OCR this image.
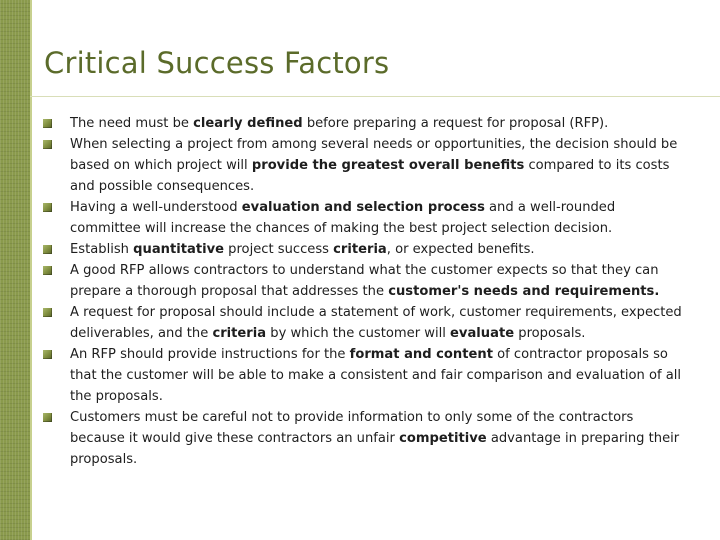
Critical Success Factors
The need must be clearly defined before preparing a request for proposal (RFP).
When selecting a project from among several needs or opportunities, the decision should be based on which project will provide the greatest overall benefits compared to its costs and possible consequences.
Having a well-understood evaluation and selection process and a well-rounded committee will increase the chances of making the best project selection decision.
Establish quantitative project success criteria, or expected benefits.
A good RFP allows contractors to understand what the customer expects so that they can prepare a thorough proposal that addresses the customer's needs and requirements.
A request for proposal should include a statement of work, customer requirements, expected deliverables, and the criteria by which the customer will evaluate proposals.
An RFP should provide instructions for the format and content of contractor proposals so that the customer will be able to make a consistent and fair comparison and evaluation of all the proposals.
Customers must be careful not to provide information to only some of the contractors because it would give these contractors an unfair competitive advantage in preparing their proposals.
